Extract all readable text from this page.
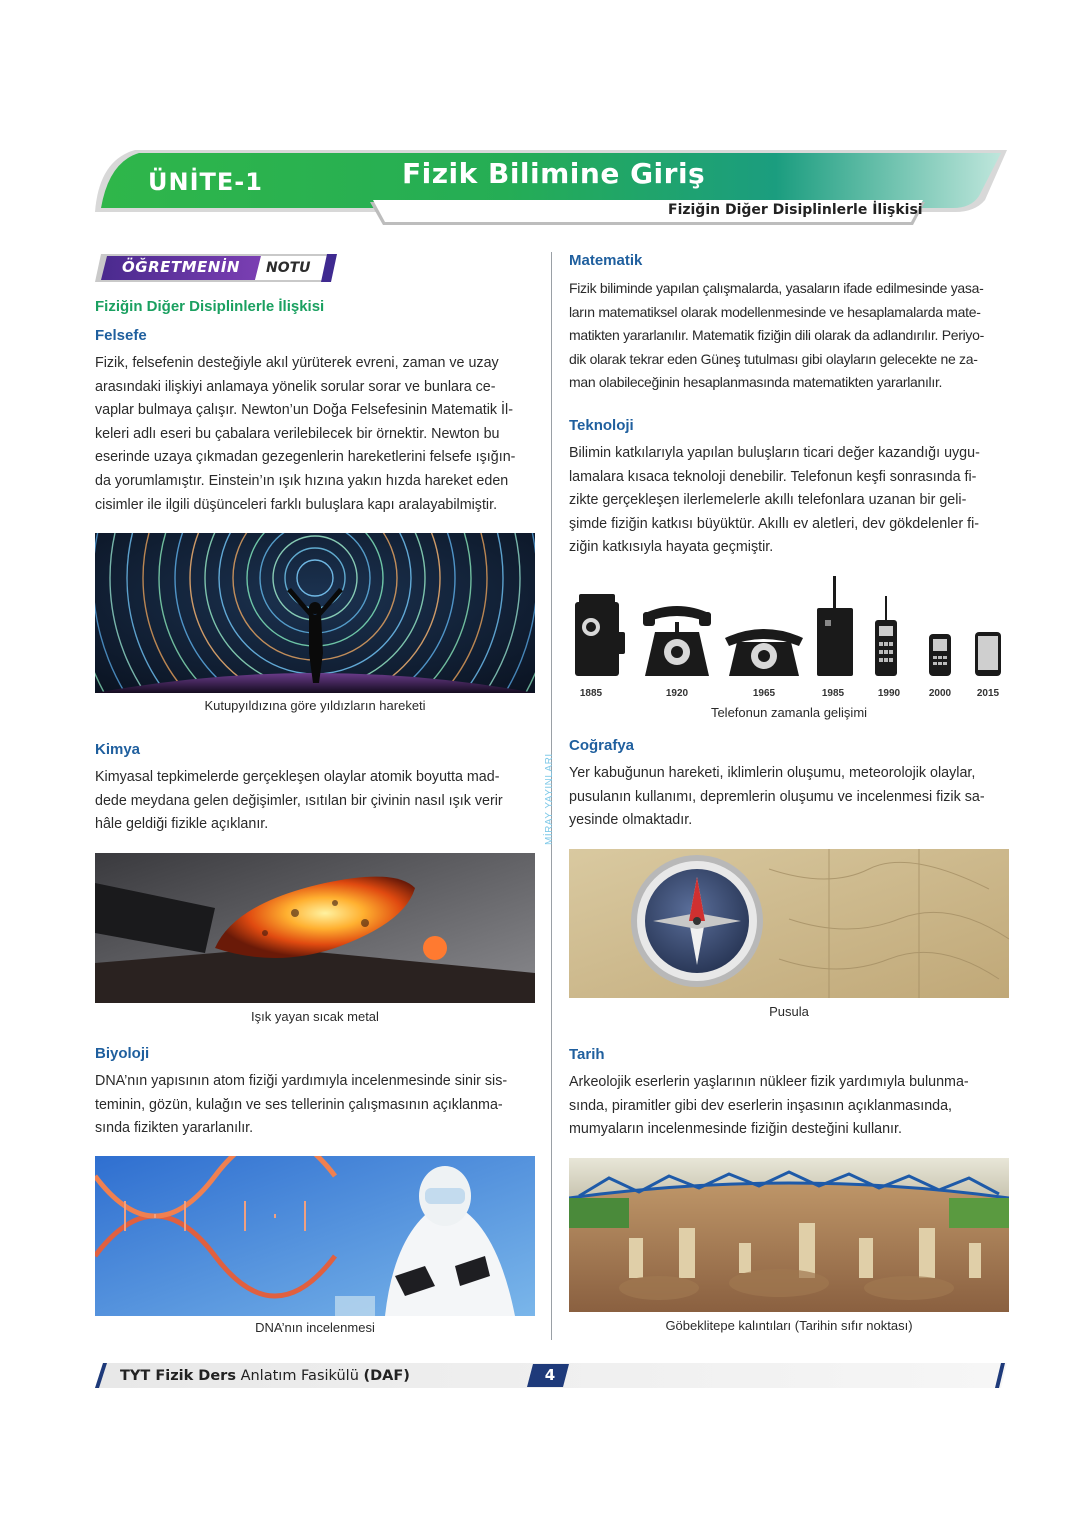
ÜNİTE-1	Fizik Bilimine Giriş
Fiziğin Diğer Disiplinlerle İlişkisi
ÖĞRETMENİN NOTU
Fiziğin Diğer Disiplinlerle İlişkisi
Felsefe
Fizik, felsefenin desteğiyle akıl yürüterek evreni, zaman ve uzay
arasındaki ilişkiyi anlamaya yönelik sorular sorar ve bunlara ce-
vaplar bulmaya çalışır. Newton’un Doğa Felsefesinin Matematik İl-
keleri adlı eseri bu çabalara verilebilecek bir örnektir. Newton bu
eserinde uzaya çıkmadan gezegenlerin hareketlerini felsefe ışığın-
da yorumlamıştır. Einstein’ın ışık hızına yakın hızda hareket eden
cisimler ile ilgili düşünceleri farklı buluşlara kapı aralayabilmiştir.
Kutupyıldızına göre yıldızların hareketi
Kimya
Kimyasal tepkimelerde gerçekleşen olaylar atomik boyutta mad-
dede meydana gelen değişimler, ısıtılan bir çivinin nasıl ışık verir
hâle geldiği fizikle açıklanır.
Işık yayan sıcak metal
Biyoloji
DNA’nın yapısının atom fiziği yardımıyla incelenmesinde sinir sis-
teminin, gözün, kulağın ve ses tellerinin çalışmasının açıklanma-
sında fizikten yararlanılır.
DNA’nın incelenmesi
MİRAY YAYINLARI
Matematik
Fizik biliminde yapılan çalışmalarda, yasaların ifade edilmesinde yasa-
ların matematiksel olarak modellenmesinde ve hesaplamalarda mate-
matikten yararlanılır. Matematik fiziğin dili olarak da adlandırılır. Periyo-
dik olarak tekrar eden Güneş tutulması gibi olayların gelecekte ne za-
man olabileceğinin hesaplanmasında matematikten yararlanılır.
Teknoloji
Bilimin katkılarıyla yapılan buluşların ticari değer kazandığı uygu-
lamalara kısaca teknoloji denebilir. Telefonun keşfi sonrasında fi-
zikte gerçekleşen ilerlemelerle akıllı telefonlara uzanan bir geli-
şimde fiziğin katkısı büyüktür. Akıllı ev aletleri, dev gökdelenler fi-
ziğin katkısıyla hayata geçmiştir.
1885	1920	1965	1985	1990	2000	2015
Telefonun zamanla gelişimi
Coğrafya
Yer kabuğunun hareketi, iklimlerin oluşumu, meteorolojik olaylar,
pusulanın kullanımı, depremlerin oluşumu ve incelenmesi fizik sa-
yesinde olmaktadır.
Pusula
Tarih
Arkeolojik eserlerin yaşlarının nükleer fizik yardımıyla bulunma-
sında, piramitler gibi dev eserlerin inşasının açıklanmasında,
mumyaların incelenmesinde fiziğin desteğini kullanır.
Göbeklitepe kalıntıları (Tarihin sıfır noktası)
TYT Fizik Ders Anlatım Fasikülü (DAF)	4
